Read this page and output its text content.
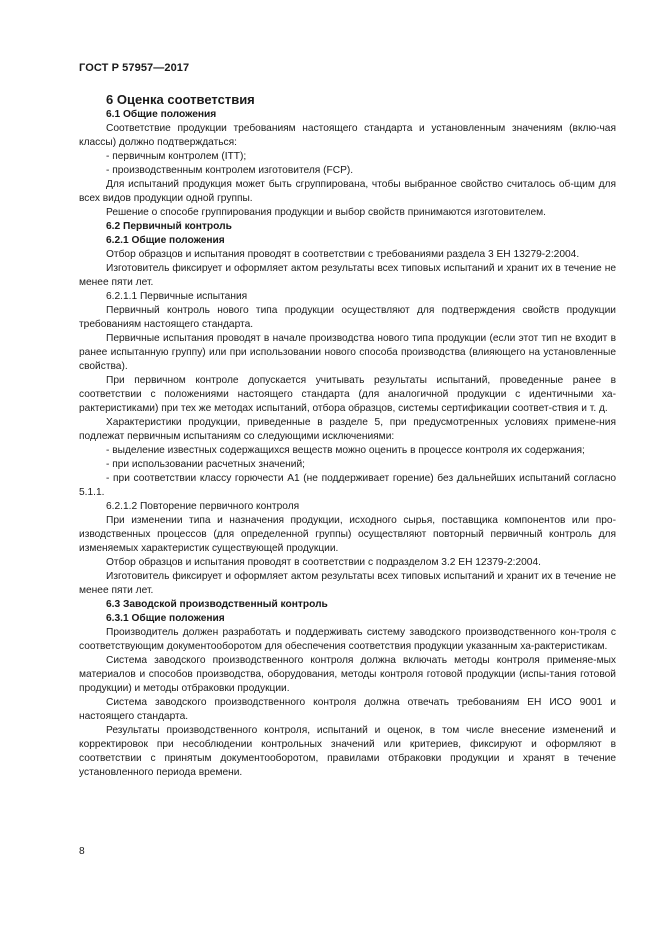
ГОСТ Р 57957—2017

6 Оценка соответствия

6.1 Общие положения

Соответствие продукции требованиям настоящего стандарта и установленным значениям (вклю-чая классы) должно подтверждаться:

- первичным контролем (ITT);

- производственным контролем изготовителя (FCP).

Для испытаний продукция может быть сгруппирована, чтобы выбранное свойство считалось об-щим для всех видов продукции одной группы.

Решение о способе группирования продукции и выбор свойств принимаются изготовителем.

6.2 Первичный контроль

6.2.1 Общие положения

Отбор образцов и испытания проводят в соответствии с требованиями раздела 3 ЕН 13279-2:2004.

Изготовитель фиксирует и оформляет актом результаты всех типовых испытаний и хранит их в течение не менее пяти лет.

6.2.1.1 Первичные испытания

Первичный контроль нового типа продукции осуществляют для подтверждения свойств продукции требованиям настоящего стандарта.

Первичные испытания проводят в начале производства нового типа продукции (если этот тип не входит в ранее испытанную группу) или при использовании нового способа производства (влияющего на установленные свойства).

При первичном контроле допускается учитывать результаты испытаний, проведенные ранее в соответствии с положениями настоящего стандарта (для аналогичной продукции с идентичными ха-рактеристиками) при тех же методах испытаний, отбора образцов, системы сертификации соответ-ствия и т. д.

Характеристики продукции, приведенные в разделе 5, при предусмотренных условиях примене-ния подлежат первичным испытаниям со следующими исключениями:

- выделение известных содержащихся веществ можно оценить в процессе контроля их содержания;

- при использовании расчетных значений;

- при соответствии классу горючести А1 (не поддерживает горение) без дальнейших испытаний согласно 5.1.1.

6.2.1.2 Повторение первичного контроля

При изменении типа и назначения продукции, исходного сырья, поставщика компонентов или про-изводственных процессов (для определенной группы) осуществляют повторный первичный контроль для изменяемых характеристик существующей продукции.

Отбор образцов и испытания проводят в соответствии с подразделом 3.2 ЕН 12379-2:2004.

Изготовитель фиксирует и оформляет актом результаты всех типовых испытаний и хранит их в течение не менее пяти лет.

6.3 Заводской производственный контроль

6.3.1 Общие положения

Производитель должен разработать и поддерживать систему заводского производственного кон-троля с соответствующим документооборотом для обеспечения соответствия продукции указанным ха-рактеристикам.

Система заводского производственного контроля должна включать методы контроля применяе-мых материалов и способов производства, оборудования, методы контроля готовой продукции (испы-тания готовой продукции) и методы отбраковки продукции.

Система заводского производственного контроля должна отвечать требованиям ЕН ИСО 9001 и настоящего стандарта.

Результаты производственного контроля, испытаний и оценок, в том числе внесение изменений и корректировок при несоблюдении контрольных значений или критериев, фиксируют и оформляют в соответствии с принятым документооборотом, правилами отбраковки продукции и хранят в течение установленного периода времени.

8
